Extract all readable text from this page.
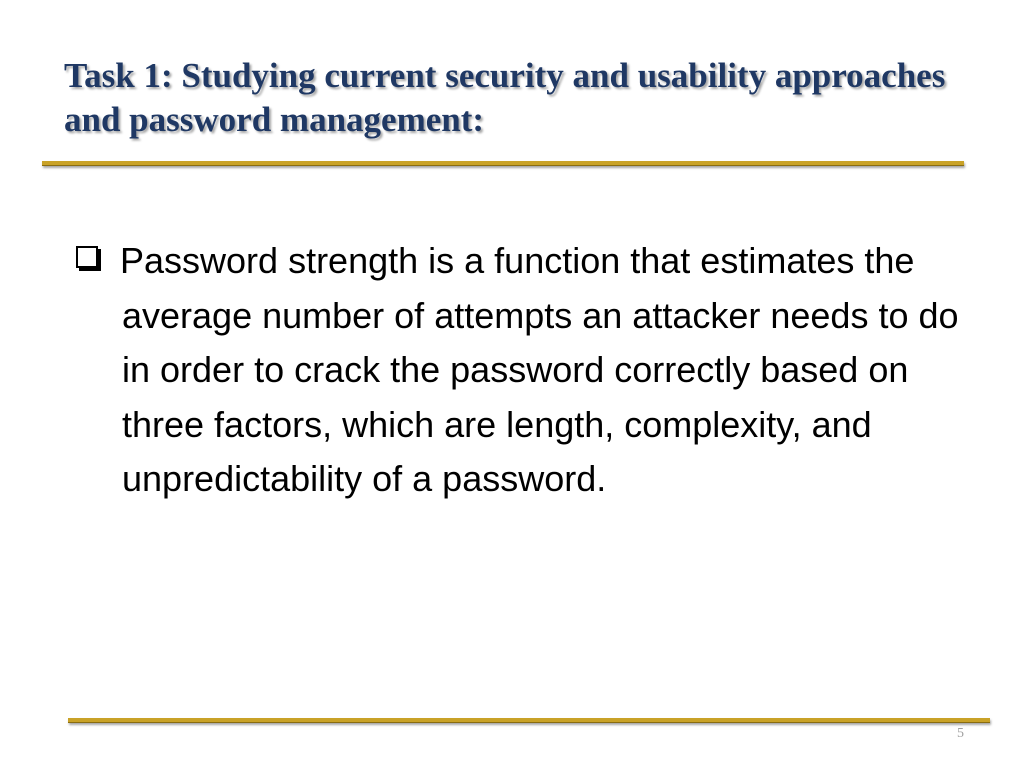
Task 1: Studying current security and usability approaches and password management:

Password strength is a function that estimates the average number of attempts an attacker needs to do in order to crack the password correctly based on three factors, which are length, complexity, and unpredictability of a password.

5
